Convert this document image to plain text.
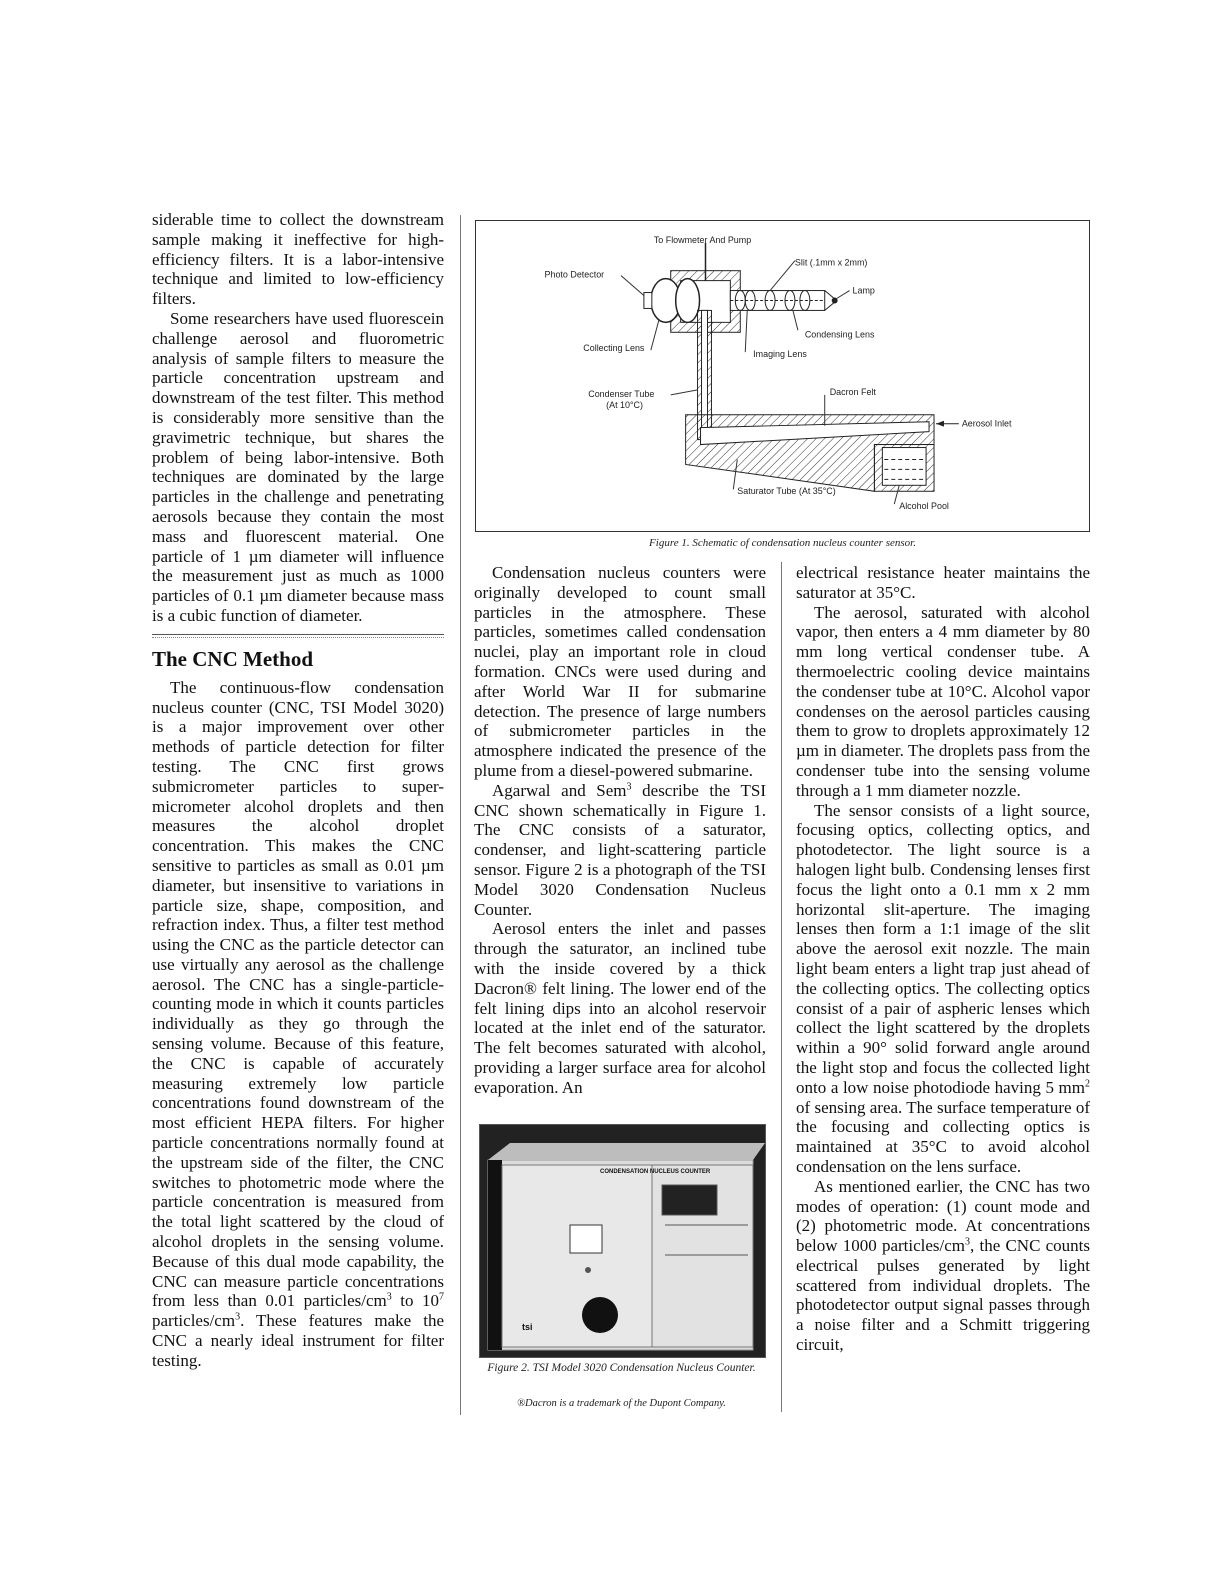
siderable time to collect the downstream sample making it ineffective for high-efficiency filters. It is a labor-intensive technique and limited to low-efficiency filters.

Some researchers have used fluorescein challenge aerosol and fluorometric analysis of sample filters to measure the particle concentration upstream and downstream of the test filter. This method is considerably more sensitive than the gravimetric technique, but shares the problem of being labor-intensive. Both techniques are dominated by the large particles in the challenge and penetrating aerosols because they contain the most mass and fluorescent material. One particle of 1 µm diameter will influence the measurement just as much as 1000 particles of 0.1 µm diameter because mass is a cubic function of diameter.

The CNC Method

The continuous-flow condensation nucleus counter (CNC, TSI Model 3020) is a major improvement over other methods of particle detection for filter testing. The CNC first grows submicrometer particles to super-micrometer alcohol droplets and then measures the alcohol droplet concentration. This makes the CNC sensitive to particles as small as 0.01 µm diameter, but insensitive to variations in particle size, shape, composition, and refraction index. Thus, a filter test method using the CNC as the particle detector can use virtually any aerosol as the challenge aerosol. The CNC has a single-particle-counting mode in which it counts particles individually as they go through the sensing volume. Because of this feature, the CNC is capable of accurately measuring extremely low particle concentrations found downstream of the most efficient HEPA filters. For higher particle concentrations normally found at the upstream side of the filter, the CNC switches to photometric mode where the particle concentration is measured from the total light scattered by the cloud of alcohol droplets in the sensing volume. Because of this dual mode capability, the CNC can measure particle concentrations from less than 0.01 particles/$cm^3$ to $10^7$ particles/$cm^3$. These features make the CNC a nearly ideal instrument for filter testing.

To Flowmeter And Pump
Slit (.1mm x 2mm)
Photo Detector
Lamp
Condensing Lens
Collecting Lens
Imaging Lens
Condenser Tube
(At 10°C)
Dacron Felt
Aerosol Inlet
Saturator Tube (At 35°C)
Alcohol Pool
Figure 1. Schematic of condensation nucleus counter sensor.

Condensation nucleus counters were originally developed to count small particles in the atmosphere. These particles, sometimes called condensation nuclei, play an important role in cloud formation. CNCs were used during and after World War II for submarine detection. The presence of large numbers of submicrometer particles in the atmosphere indicated the presence of the plume from a diesel-powered submarine.

Agarwal and Sem$^3$ describe the TSI CNC shown schematically in Figure 1. The CNC consists of a saturator, condenser, and light-scattering particle sensor. Figure 2 is a photograph of the TSI Model 3020 Condensation Nucleus Counter.

Aerosol enters the inlet and passes through the saturator, an inclined tube with the inside covered by a thick Dacron® felt lining. The lower end of the felt lining dips into an alcohol reservoir located at the inlet end of the saturator. The felt becomes saturated with alcohol, providing a larger surface area for alcohol evaporation. An

CONDENSATION NUCLEUS COUNTER
tsi
Figure 2. TSI Model 3020 Condensation Nucleus Counter.
®Dacron is a trademark of the Dupont Company.

electrical resistance heater maintains the saturator at 35°C.

The aerosol, saturated with alcohol vapor, then enters a 4 mm diameter by 80 mm long vertical condenser tube. A thermoelectric cooling device maintains the condenser tube at 10°C. Alcohol vapor condenses on the aerosol particles causing them to grow to droplets approximately 12 µm in diameter. The droplets pass from the condenser tube into the sensing volume through a 1 mm diameter nozzle.

The sensor consists of a light source, focusing optics, collecting optics, and photodetector. The light source is a halogen light bulb. Condensing lenses first focus the light onto a 0.1 mm x 2 mm horizontal slit-aperture. The imaging lenses then form a 1:1 image of the slit above the aerosol exit nozzle. The main light beam enters a light trap just ahead of the collecting optics. The collecting optics consist of a pair of aspheric lenses which collect the light scattered by the droplets within a 90° solid forward angle around the light stop and focus the collected light onto a low noise photodiode having 5 $mm^2$ of sensing area. The surface temperature of the focusing and collecting optics is maintained at 35°C to avoid alcohol condensation on the lens surface.

As mentioned earlier, the CNC has two modes of operation: (1) count mode and (2) photometric mode. At concentrations below 1000 particles/$cm^3$, the CNC counts electrical pulses generated by light scattered from individual droplets. The photodetector output signal passes through a noise filter and a Schmitt triggering circuit,
